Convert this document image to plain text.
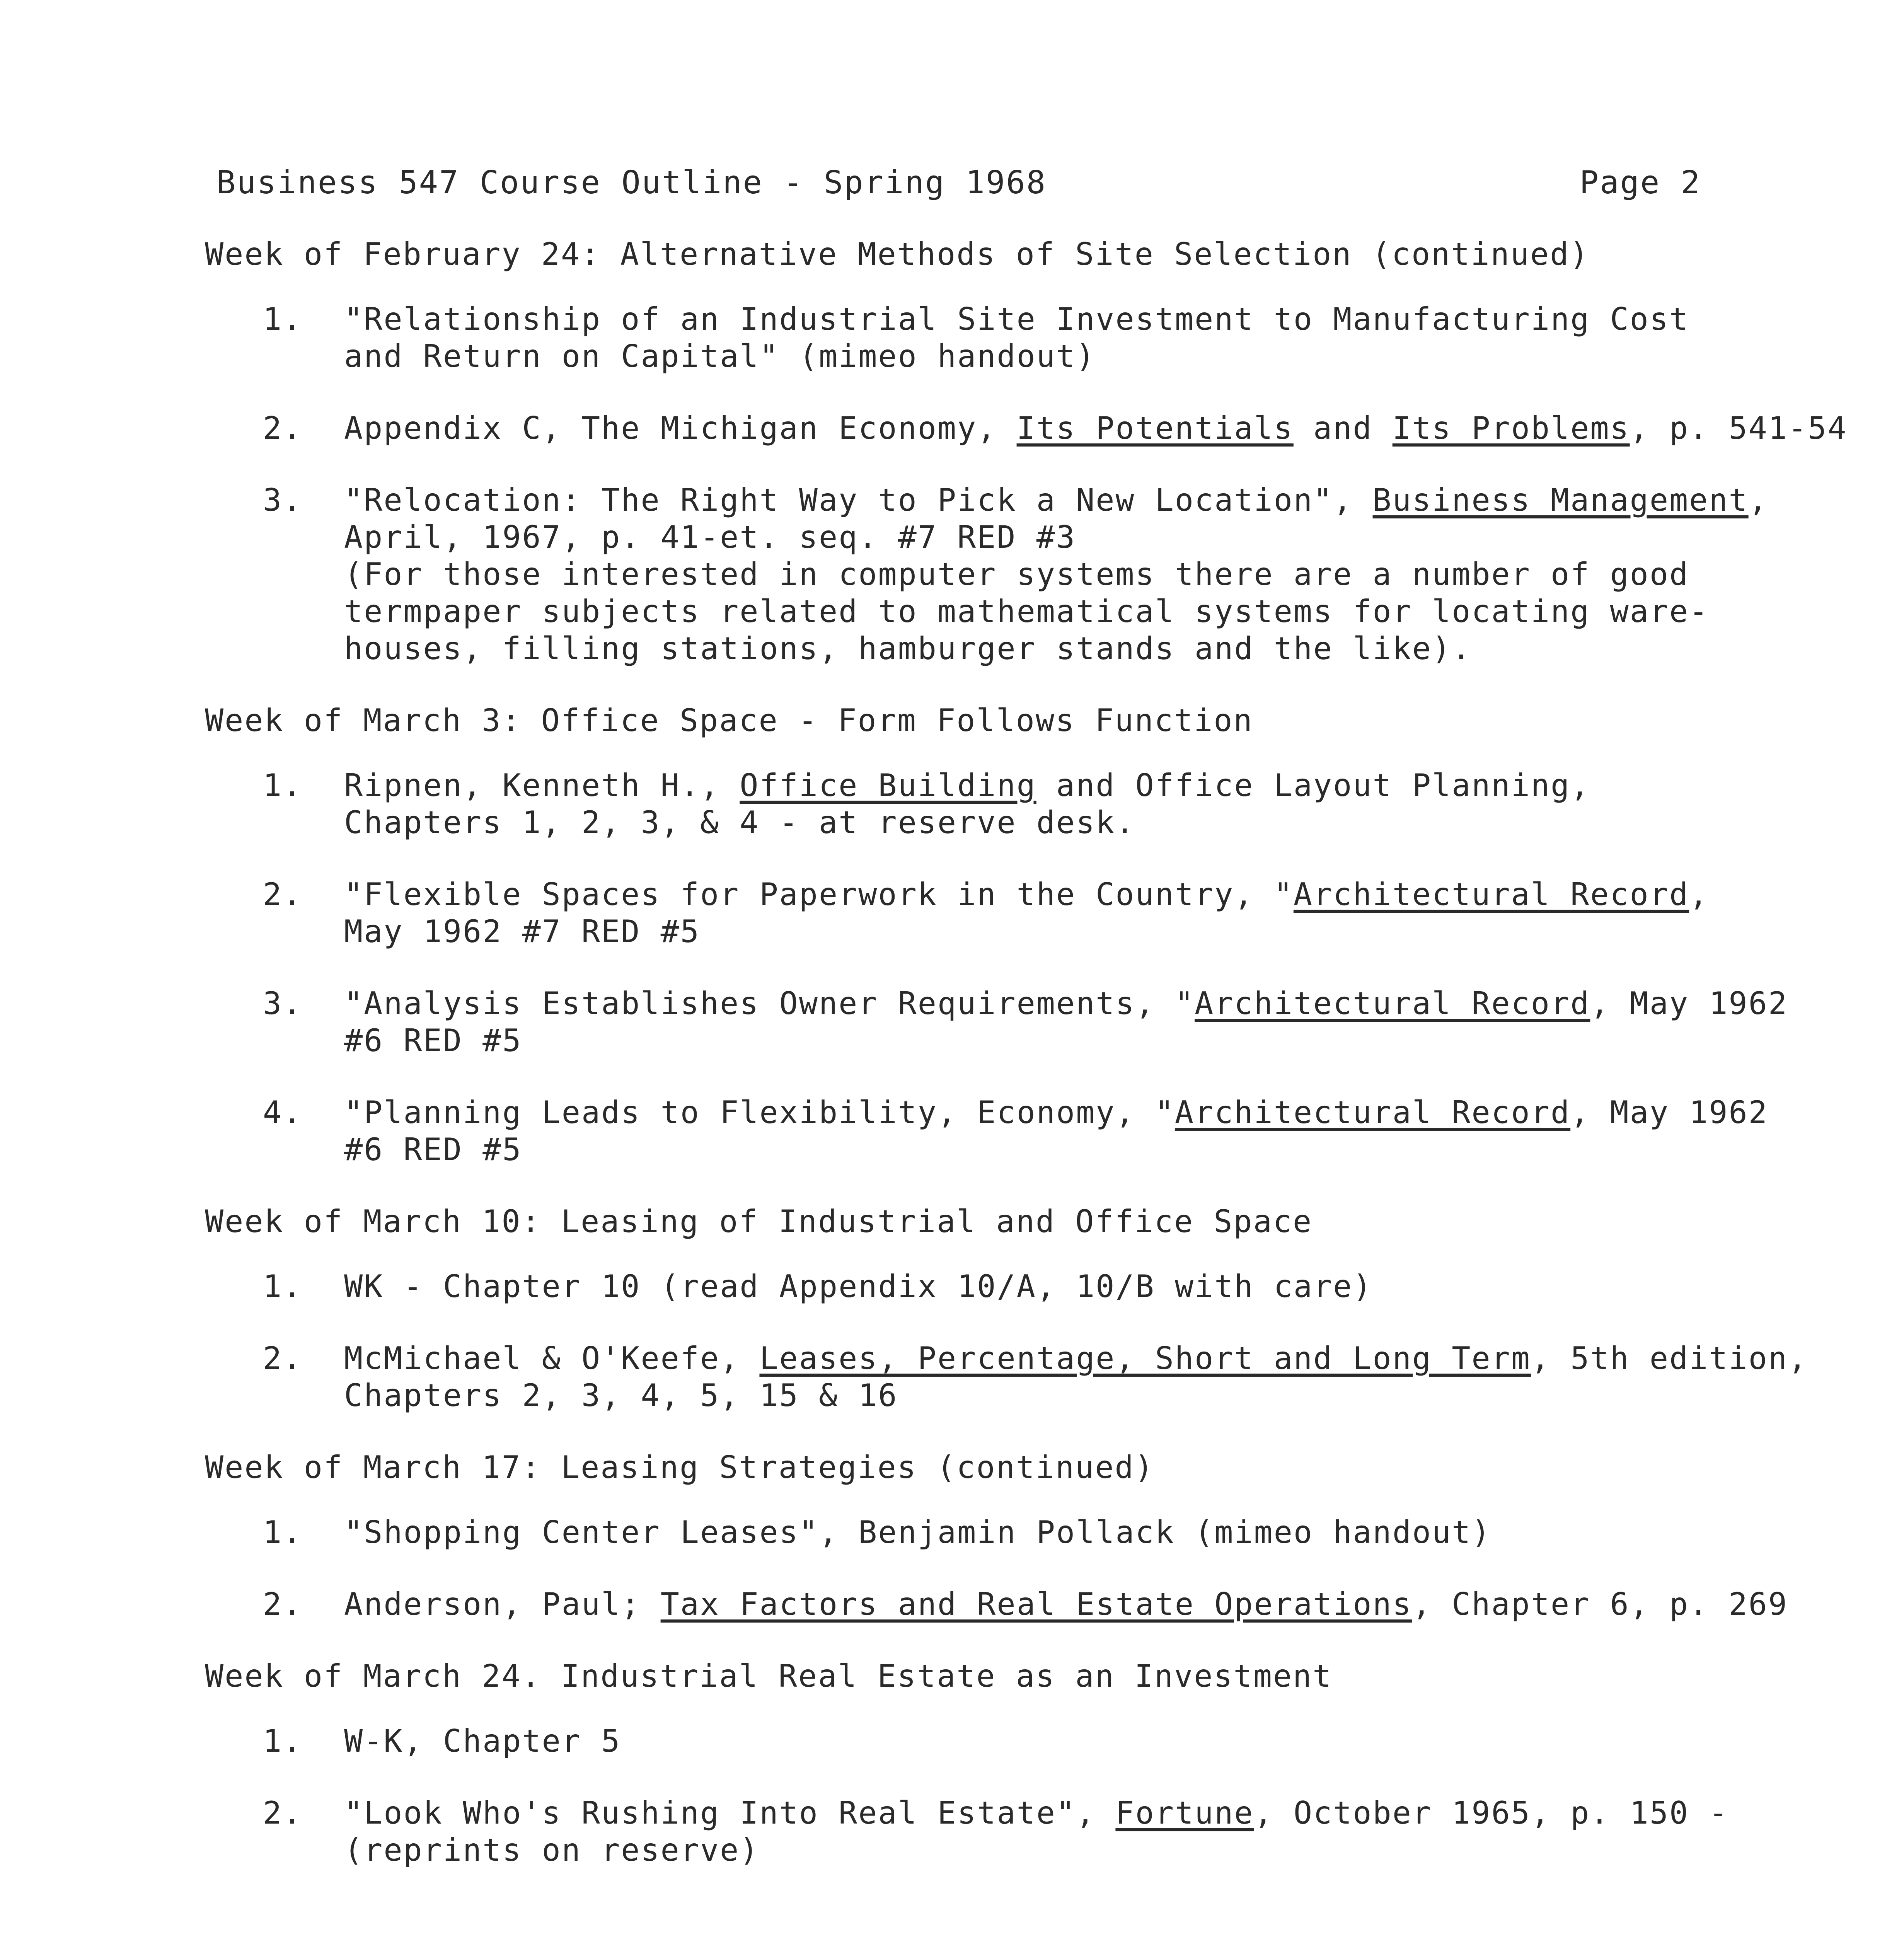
Business 547 Course Outline - Spring 1968	Page 2
Week of February 24: Alternative Methods of Site Selection (continued)
1. "Relationship of an Industrial Site Investment to Manufacturing Cost
and Return on Capital" (mimeo handout)
2. Appendix C, The Michigan Economy, Its Potentials and Its Problems, p. 541-54
3. "Relocation: The Right Way to Pick a New Location", Business Management,
April, 1967, p. 41-et. seq. #7 RED #3
(For those interested in computer systems there are a number of good
termpaper subjects related to mathematical systems for locating ware-
houses, filling stations, hamburger stands and the like).
Week of March 3: Office Space - Form Follows Function
1. Ripnen, Kenneth H., Office Building and Office Layout Planning,
Chapters 1, 2, 3, & 4 - at reserve desk.
2. "Flexible Spaces for Paperwork in the Country, "Architectural Record,
May 1962 #7 RED #5
3. "Analysis Establishes Owner Requirements, "Architectural Record, May 1962
#6 RED #5
4. "Planning Leads to Flexibility, Economy, "Architectural Record, May 1962
#6 RED #5
Week of March 10: Leasing of Industrial and Office Space
1. WK - Chapter 10 (read Appendix 10/A, 10/B with care)
2. McMichael & O'Keefe, Leases, Percentage, Short and Long Term, 5th edition,
Chapters 2, 3, 4, 5, 15 & 16
Week of March 17: Leasing Strategies (continued)
1. "Shopping Center Leases", Benjamin Pollack (mimeo handout)
2. Anderson, Paul; Tax Factors and Real Estate Operations, Chapter 6, p. 269
Week of March 24. Industrial Real Estate as an Investment
1. W-K, Chapter 5
2. "Look Who's Rushing Into Real Estate", Fortune, October 1965, p. 150 -
(reprints on reserve)
